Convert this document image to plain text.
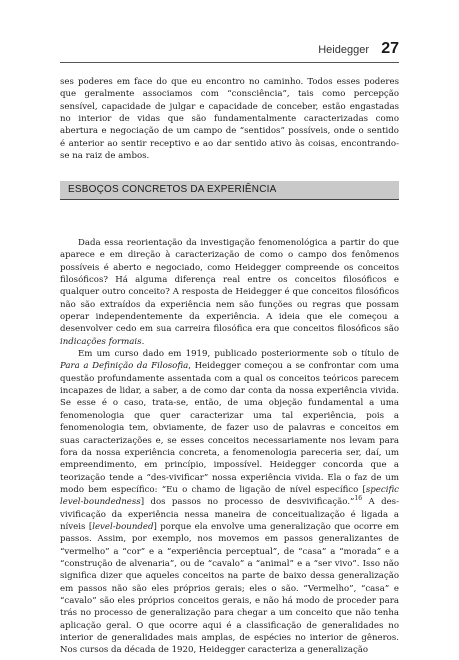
Heidegger 27

ses poderes em face do que eu encontro no caminho. Todos esses poderes que geralmente associamos com “consciência”, tais como percepção sensível, capacidade de julgar e capacidade de conceber, estão engastadas no interior de vidas que são fundamentalmente caracterizadas como abertura e negociação de um campo de “sentidos” possíveis, onde o sentido é anterior ao sentir receptivo e ao dar sentido ativo às coisas, encontrando-se na raiz de ambos.

ESBOÇOS CONCRETOS DA EXPERIÊNCIA

Dada essa reorientação da investigação fenomenológica a partir do que aparece e em direção à caracterização de como o campo dos fenômenos possíveis é aberto e negociado, como Heidegger compreende os conceitos filosóficos? Há alguma diferença real entre os conceitos filosóficos e qualquer outro conceito? A resposta de Heidegger é que conceitos filosóficos não são extraídos da experiência nem são funções ou regras que possam operar independentemente da experiência. A ideia que ele começou a desenvolver cedo em sua carreira filosófica era que conceitos filosóficos são indicações formais.

Em um curso dado em 1919, publicado posteriormente sob o título de Para a Definição da Filosofia, Heidegger começou a se confrontar com uma questão profundamente assentada com a qual os conceitos teóricos parecem incapazes de lidar, a saber, a de como dar conta da nossa experiência vivida. Se esse é o caso, trata-se, então, de uma objeção fundamental a uma fenomenologia que quer caracterizar uma tal experiência, pois a fenomenologia tem, obviamente, de fazer uso de palavras e conceitos em suas caracterizações e, se esses conceitos necessariamente nos levam para fora da nossa experiência concreta, a fenomenologia pareceria ser, daí, um empreendimento, em princípio, impossível. Heidegger concorda que a teorização tende a “des-vivificar” nossa experiência vivida. Ela o faz de um modo bem específico: “Eu o chamo de ligação de nível específico [specific level-boundedness] dos passos no processo de desvivificação.”$^{16}$ A des-vivificação da experiência nessa maneira de conceitualização é ligada a níveis [level-bounded] porque ela envolve uma generalização que ocorre em passos. Assim, por exemplo, nos movemos em passos generalizantes de “vermelho” a “cor” e a “experiência perceptual”, de “casa” a “morada” e a “construção de alvenaria”, ou de “cavalo” a “animal” e a “ser vivo”. Isso não significa dizer que aqueles conceitos na parte de baixo dessa generalização em passos não são eles próprios gerais; eles o são. “Vermelho”, “casa” e “cavalo” são eles próprios conceitos gerais, e não há modo de proceder para trás no processo de generalização para chegar a um conceito que não tenha aplicação geral. O que ocorre aqui é a classificação de generalidades no interior de generalidades mais amplas, de espécies no interior de gêneros. Nos cursos da década de 1920, Heidegger caracteriza a generalização
